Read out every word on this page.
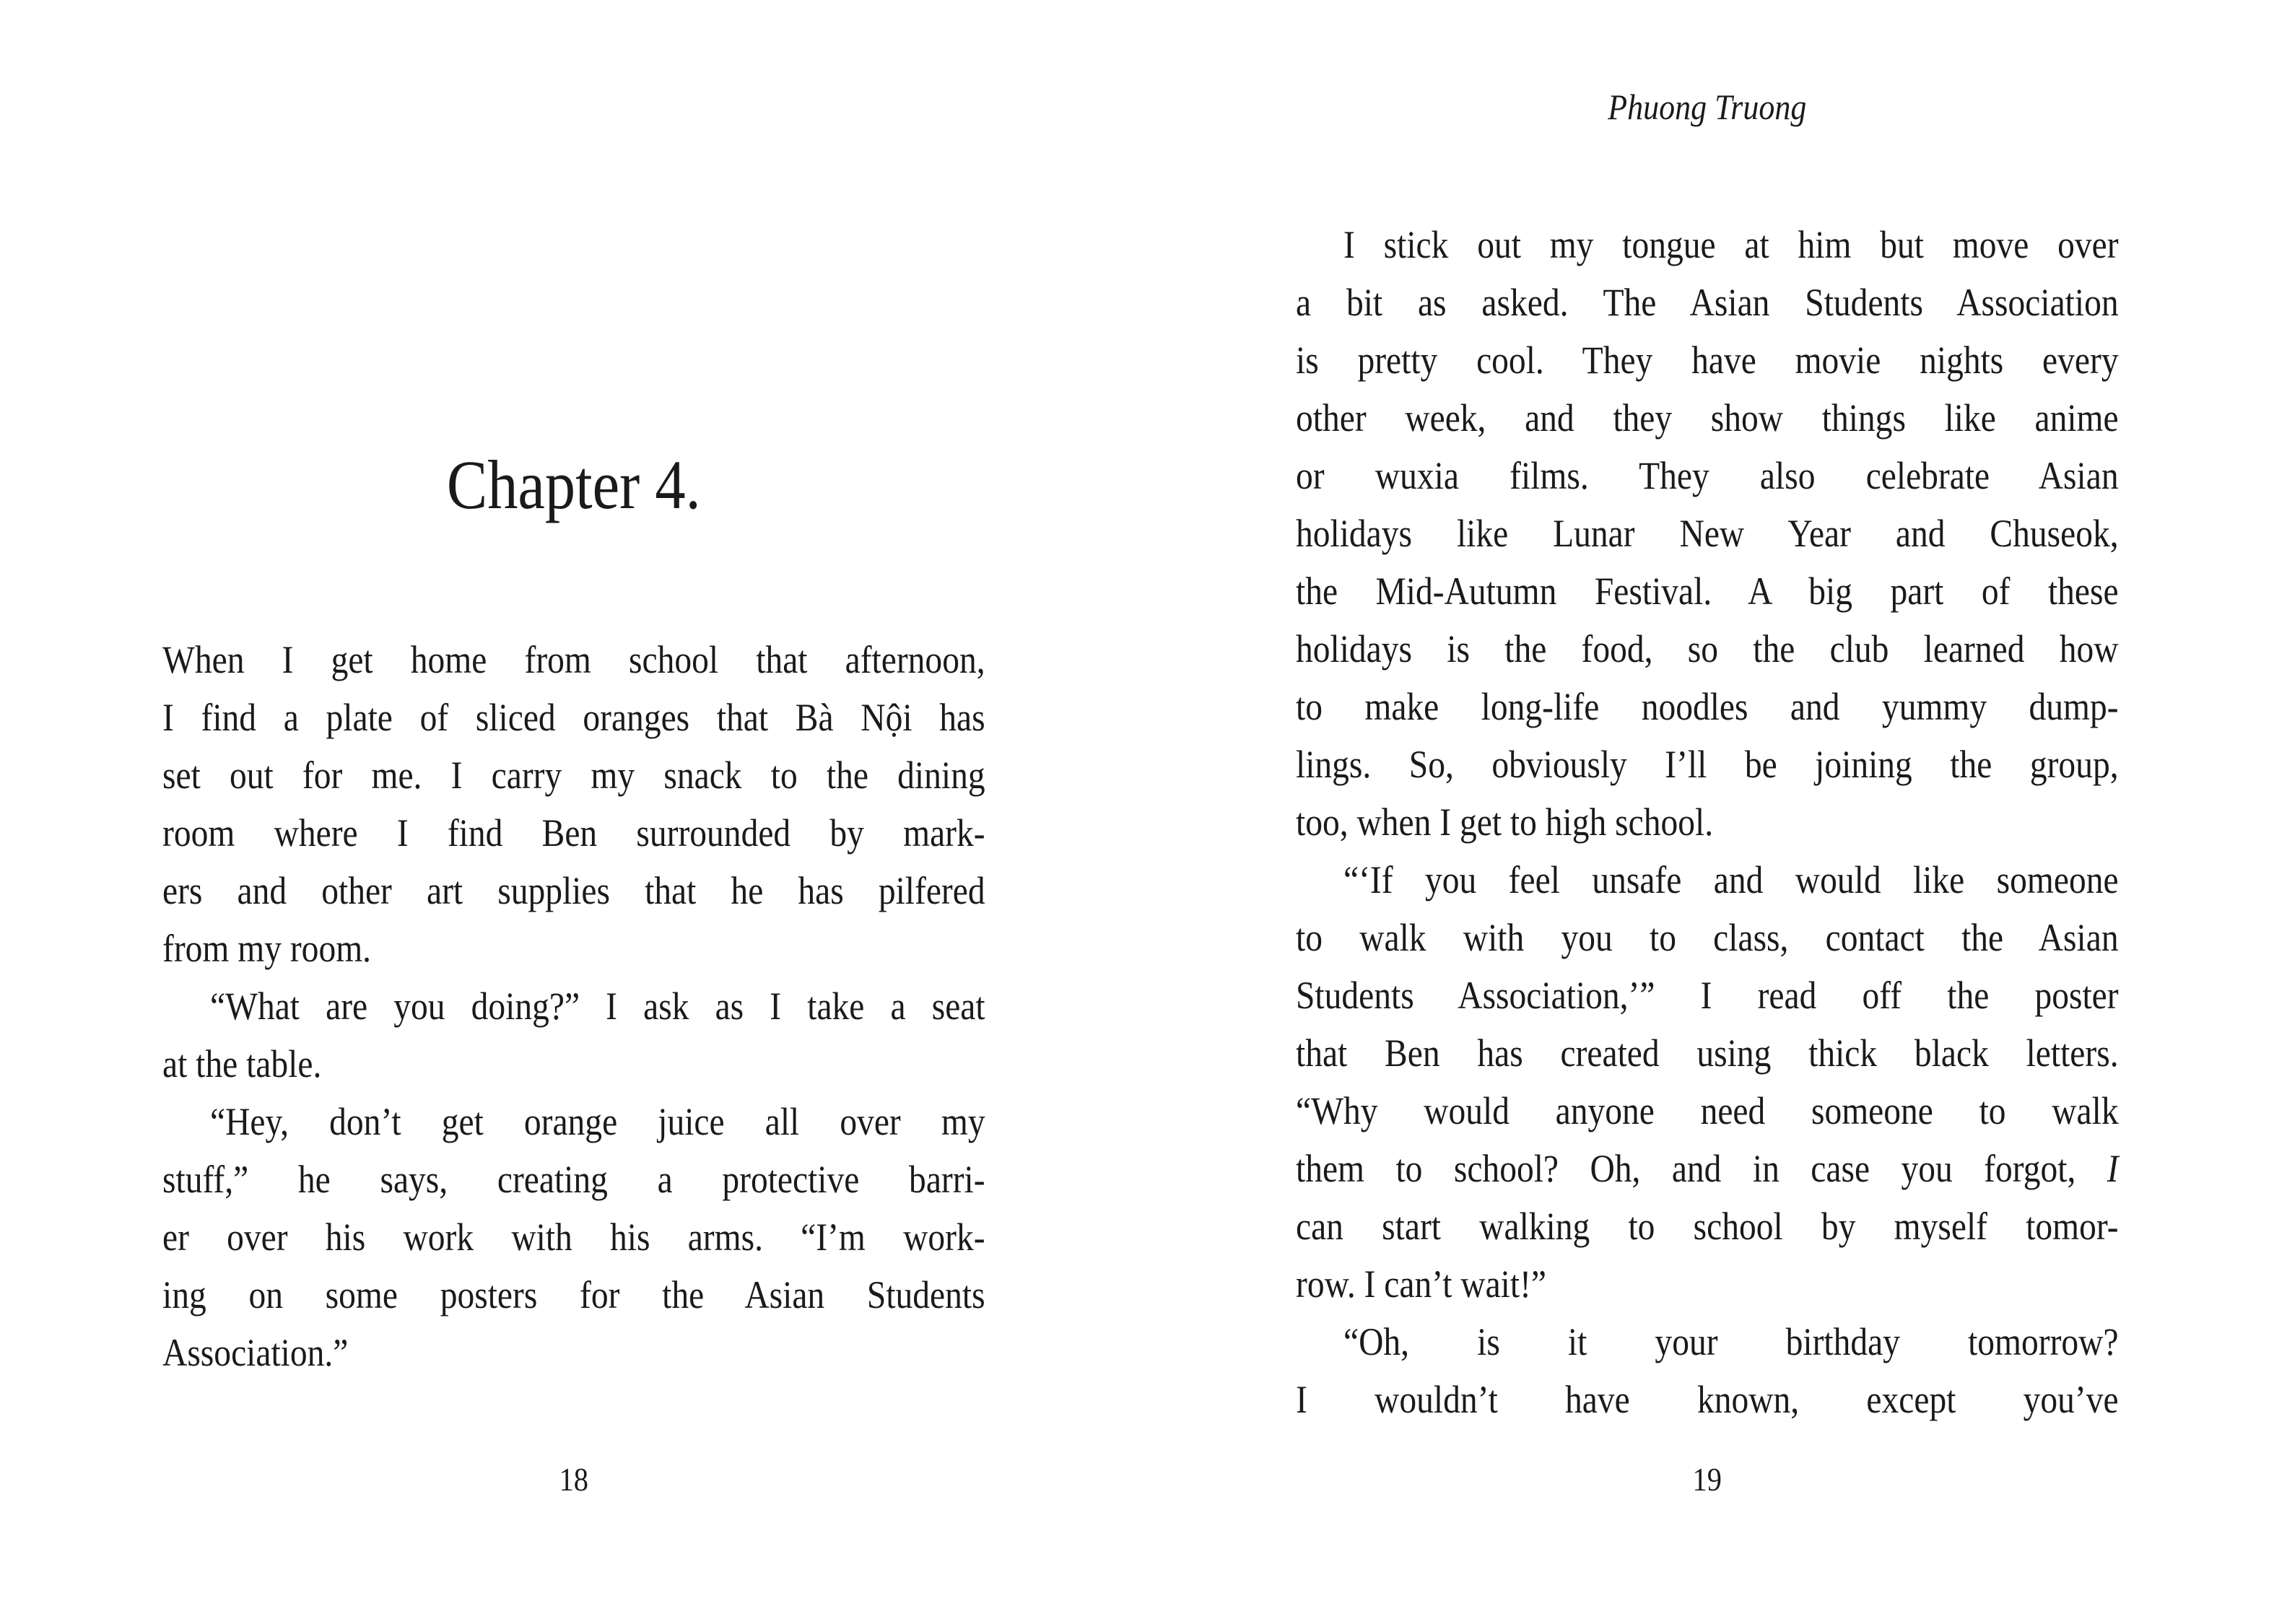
Chapter 4.
When I get home from school that afternoon,
I find a plate of sliced oranges that Bà Nội has
set out for me. I carry my snack to the dining
room where I find Ben surrounded by mark-
ers and other art supplies that he has pilfered
from my room.
“What are you doing?” I ask as I take a seat
at the table.
“Hey, don’t get orange juice all over my
stuff,” he says, creating a protective barri-
er over his work with his arms. “I’m work-
ing on some posters for the Asian Students
Association.”
18
Phuong Truong
I stick out my tongue at him but move over
a bit as asked. The Asian Students Association
is pretty cool. They have movie nights every
other week, and they show things like anime
or wuxia films. They also celebrate Asian
holidays like Lunar New Year and Chuseok,
the Mid-Autumn Festival. A big part of these
holidays is the food, so the club learned how
to make long-life noodles and yummy dump-
lings. So, obviously I’ll be joining the group,
too, when I get to high school.
“‘If you feel unsafe and would like someone
to walk with you to class, contact the Asian
Students Association,’” I read off the poster
that Ben has created using thick black letters.
“Why would anyone need someone to walk
them to school? Oh, and in case you forgot, I
can start walking to school by myself tomor-
row. I can’t wait!”
“Oh, is it your birthday tomorrow?
I wouldn’t have known, except you’ve
19
